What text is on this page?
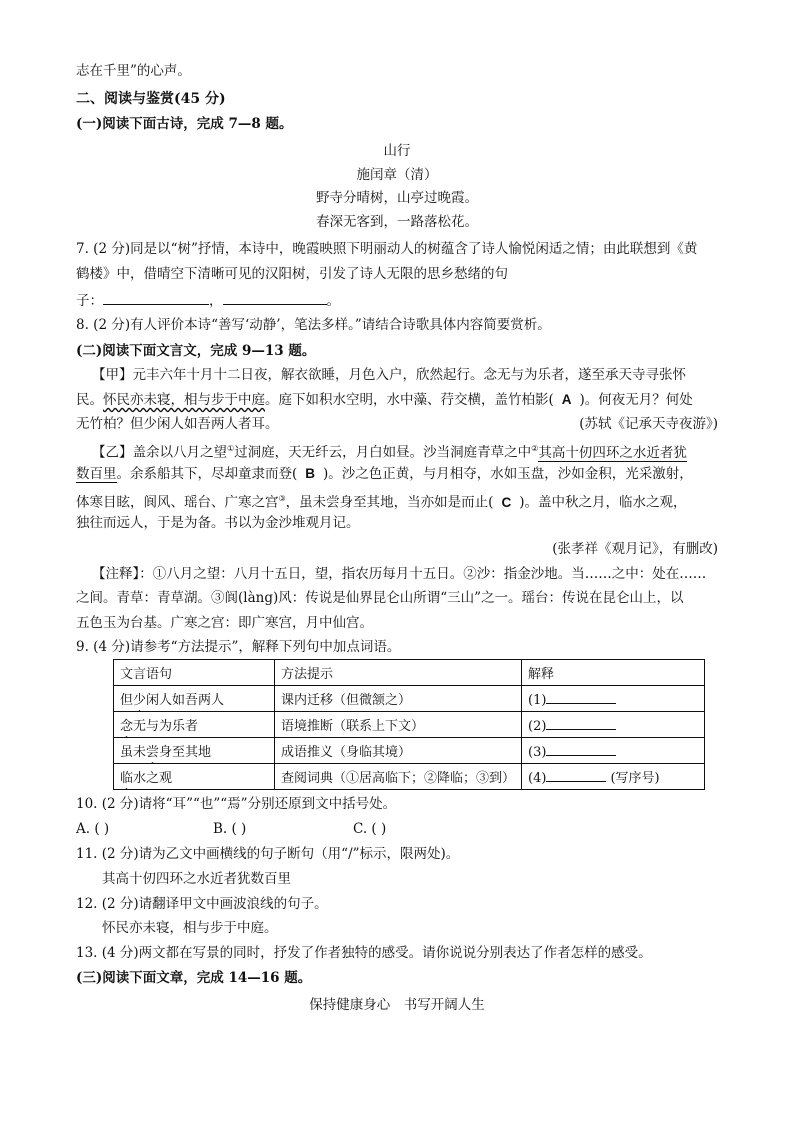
志在千里”的心声。
二、阅读与鉴赏(45 分)
(一)阅读下面古诗，完成 7—8 题。
山行
施闰章（清）
野寺分晴树，山亭过晚霞。
春深无客到，一路落松花。
7. (2 分)同是以“树”抒情，本诗中，晚霞映照下明丽动人的树蕴含了诗人愉悦闲适之情；由此联想到《黄
鹤楼》中，借晴空下清晰可见的汉阳树，引发了诗人无限的思乡愁绪的句
子：	，	。
8. (2 分)有人评价本诗“善写‘动静’，笔法多样。”请结合诗歌具体内容简要赏析。
(二)阅读下面文言文，完成 9—13 题。
【甲】元丰六年十月十二日夜，解衣欲睡，月色入户，欣然起行。念无与为乐者，遂至承天寺寻张怀
民。怀民亦未寝，相与步于中庭。庭下如积水空明，水中藻、荇交横，盖竹柏影( A )。何夜无月？何处
无竹柏？但少闲人如吾两人者耳。	(苏轼《记承天寺夜游》)
【乙】盖余以八月之望①过洞庭，天无纤云，月白如昼。沙当洞庭青草之中②其高十仞四环之水近者犹
数百里。余系船其下，尽却童隶而登( B )。沙之色正黄，与月相夺，水如玉盘，沙如金积，光采激射，
体寒目眩，阆风、瑶台、广寒之宫③，虽未尝身至其地，当亦如是而止( C )。盖中秋之月，临水之观，
独往而远人，于是为备。书以为金沙堆观月记。
(张孝祥《观月记》，有删改)
【注释】：①八月之望：八月十五日，望，指农历每月十五日。②沙：指金沙地。当……之中：处在……
之间。青草：青草湖。③阆(làng)风：传说是仙界昆仑山所谓“三山”之一。瑶台：传说在昆仑山上，以
五色玉为台基。广寒之宫：即广寒宫，月中仙宫。
9. (4 分)请参考“方法提示”，解释下列句中加点词语。
文言语句	方法提示	解释
但少闲人如吾两人	课内迁移（但微颔之）	(1)
念无与为乐者	语境推断（联系上下文）	(2)
虽未尝身至其地	成语推义（身临其境）	(3)
临水之观	查阅词典（①居高临下；②降临；③到）	(4) (写序号)
10. (2 分)请将“耳”“也”“焉”分别还原到文中括号处。
A. ( )	B. ( )	C. ( )
11. (2 分)请为乙文中画横线的句子断句（用“/”标示，限两处)。
其高十仞四环之水近者犹数百里
12. (2 分)请翻译甲文中画波浪线的句子。
怀民亦未寝，相与步于中庭。
13. (4 分)两文都在写景的同时，抒发了作者独特的感受。请你说说分别表达了作者怎样的感受。
(三)阅读下面文章，完成 14—16 题。
保持健康身心　书写开阔人生
